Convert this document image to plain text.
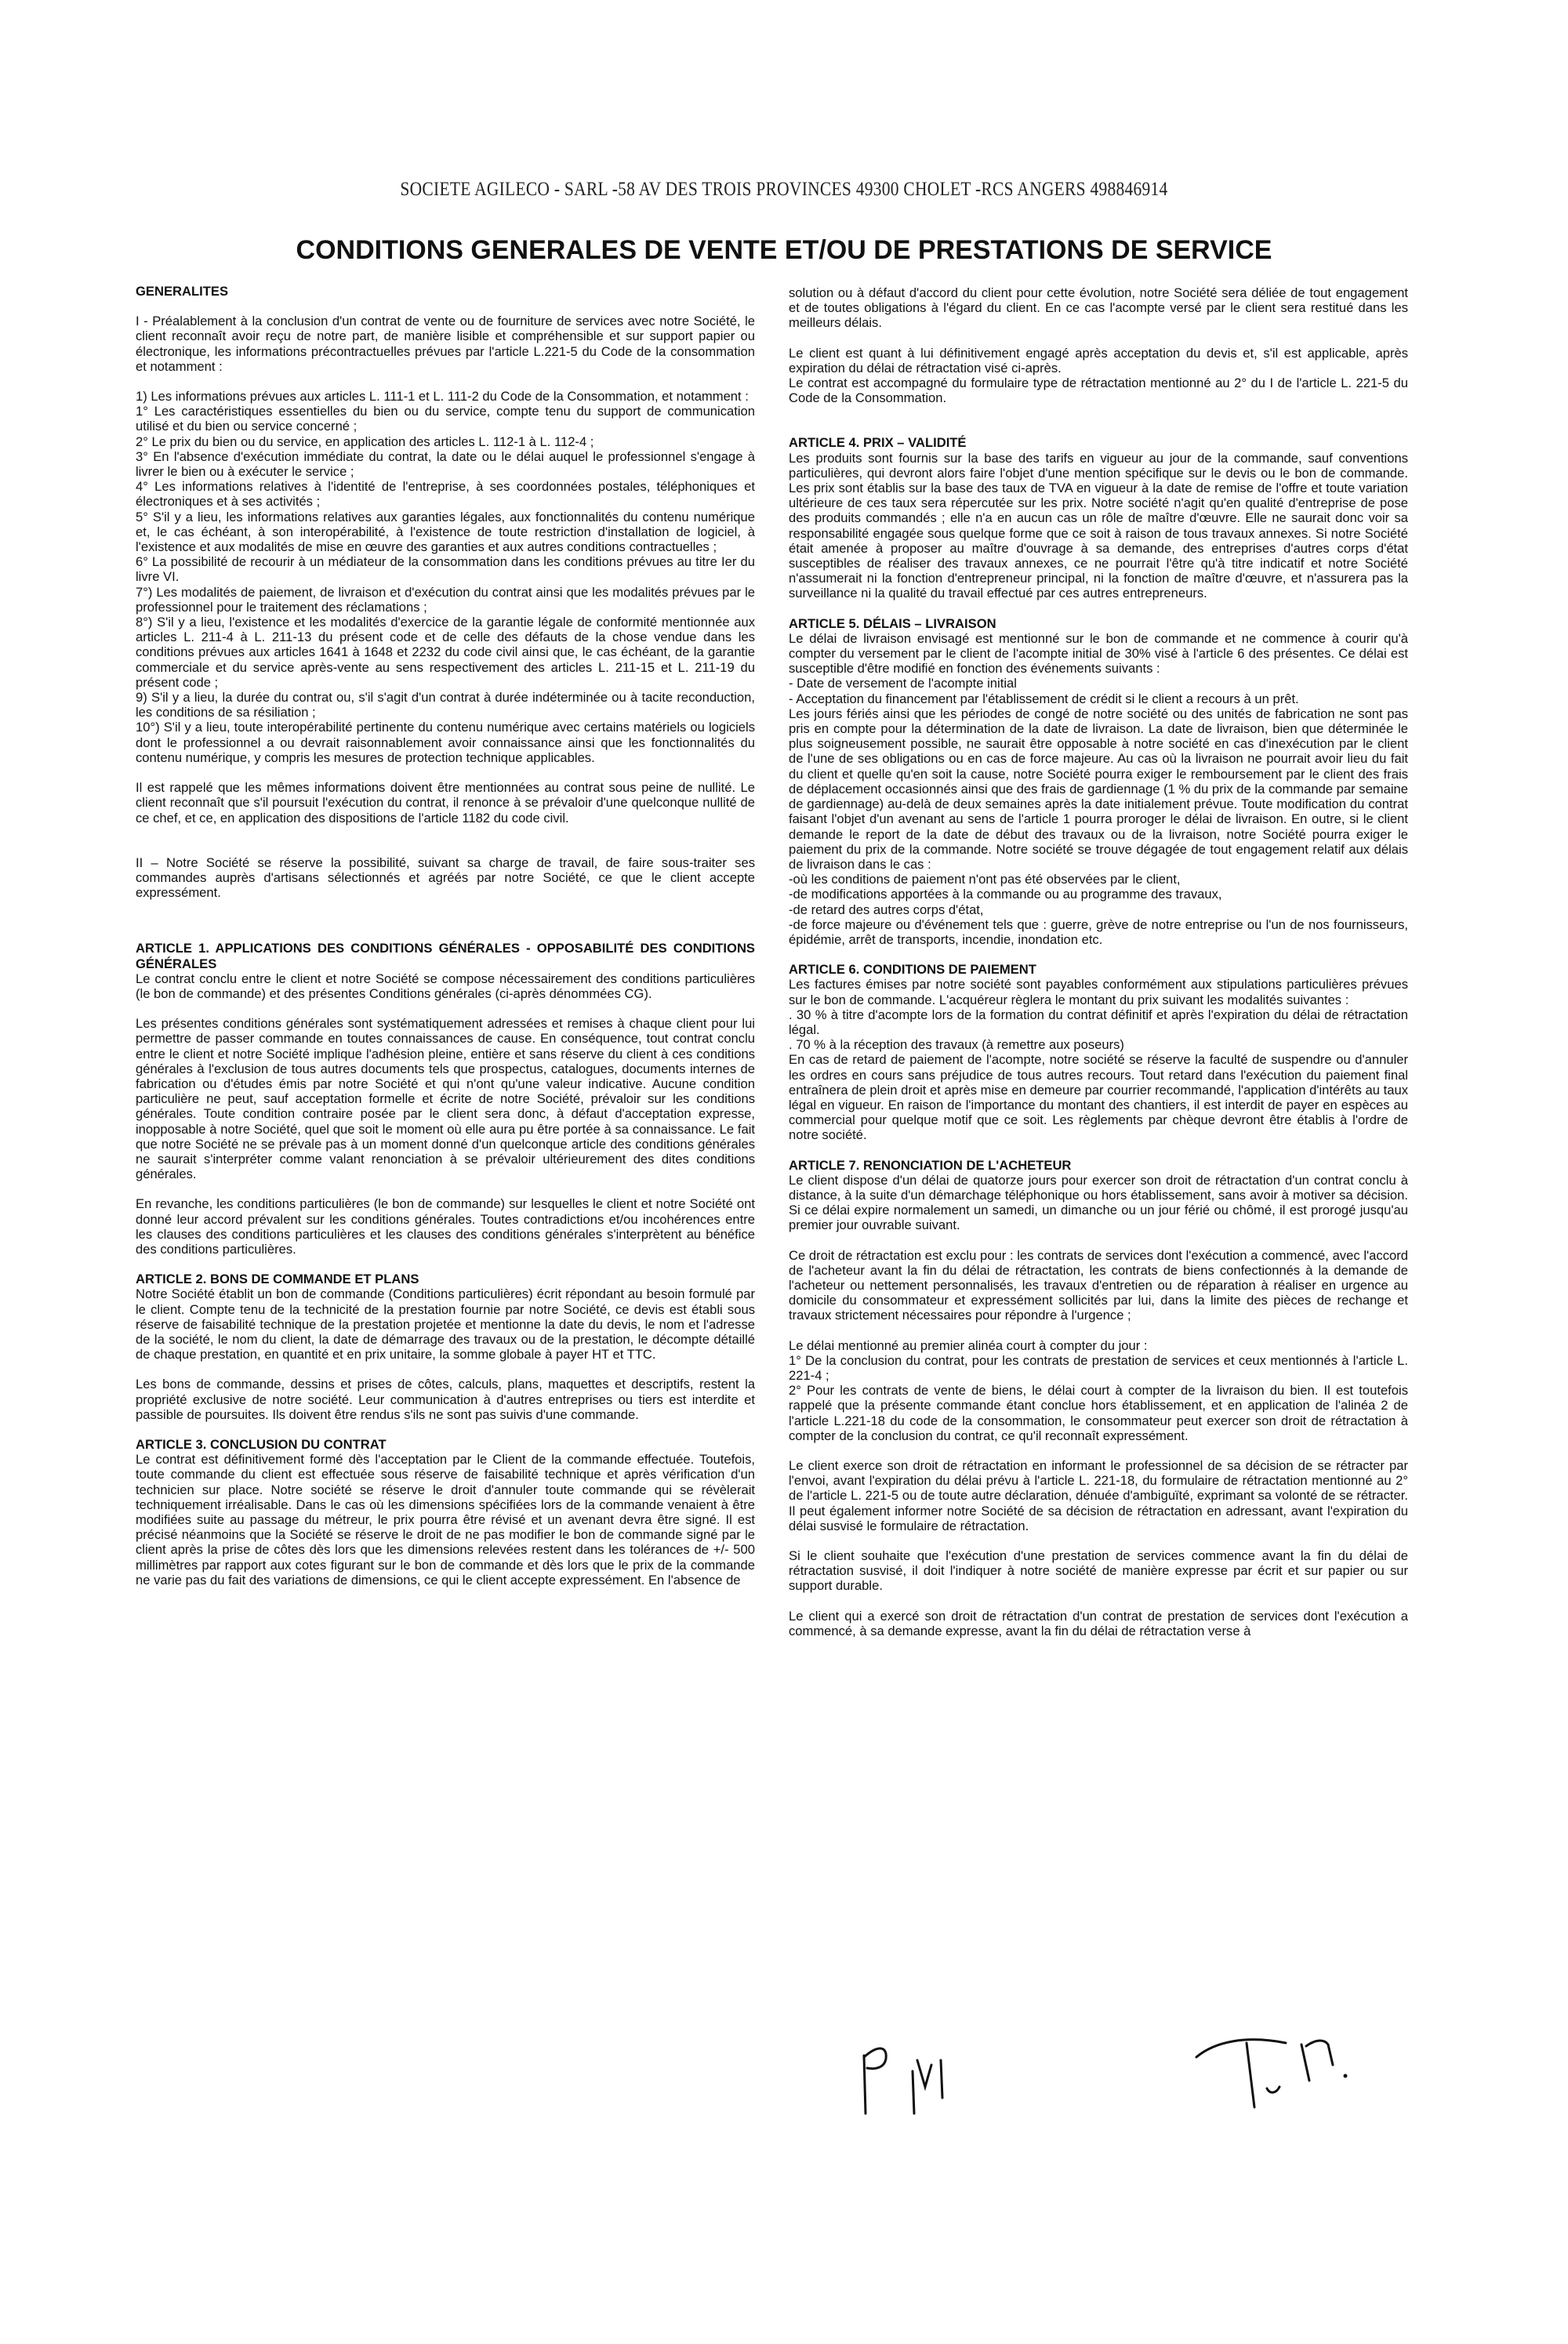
SOCIETE AGILECO - SARL -58 AV DES TROIS PROVINCES 49300 CHOLET -RCS ANGERS 498846914
CONDITIONS GENERALES DE VENTE ET/OU DE PRESTATIONS DE SERVICE

GENERALITES

I - Préalablement à la conclusion d'un contrat de vente ou de fourniture de services avec notre Société, le client reconnaît avoir reçu de notre part, de manière lisible et compréhensible et sur support papier ou électronique, les informations précontractuelles prévues par l'article L.221-5 du Code de la consommation et notamment :

1) Les informations prévues aux articles L. 111-1 et L. 111-2 du Code de la Consommation, et notamment :

1° Les caractéristiques essentielles du bien ou du service, compte tenu du support de communication utilisé et du bien ou service concerné ;

2° Le prix du bien ou du service, en application des articles L. 112-1 à L. 112-4 ;

3° En l'absence d'exécution immédiate du contrat, la date ou le délai auquel le professionnel s'engage à livrer le bien ou à exécuter le service ;

4° Les informations relatives à l'identité de l'entreprise, à ses coordonnées postales, téléphoniques et électroniques et à ses activités ;

5° S'il y a lieu, les informations relatives aux garanties légales, aux fonctionnalités du contenu numérique et, le cas échéant, à son interopérabilité, à l'existence de toute restriction d'installation de logiciel, à l'existence et aux modalités de mise en œuvre des garanties et aux autres conditions contractuelles ;

6° La possibilité de recourir à un médiateur de la consommation dans les conditions prévues au titre Ier du livre VI.

7°) Les modalités de paiement, de livraison et d'exécution du contrat ainsi que les modalités prévues par le professionnel pour le traitement des réclamations ;

8°) S'il y a lieu, l'existence et les modalités d'exercice de la garantie légale de conformité mentionnée aux articles L. 211-4 à L. 211-13 du présent code et de celle des défauts de la chose vendue dans les conditions prévues aux articles 1641 à 1648 et 2232 du code civil ainsi que, le cas échéant, de la garantie commerciale et du service après-vente au sens respectivement des articles L. 211-15 et L. 211-19 du présent code ;

9) S'il y a lieu, la durée du contrat ou, s'il s'agit d'un contrat à durée indéterminée ou à tacite reconduction, les conditions de sa résiliation ;

10°) S'il y a lieu, toute interopérabilité pertinente du contenu numérique avec certains matériels ou logiciels dont le professionnel a ou devrait raisonnablement avoir connaissance ainsi que les fonctionnalités du contenu numérique, y compris les mesures de protection technique applicables.

Il est rappelé que les mêmes informations doivent être mentionnées au contrat sous peine de nullité. Le client reconnaît que s'il poursuit l'exécution du contrat, il renonce à se prévaloir d'une quelconque nullité de ce chef, et ce, en application des dispositions de l'article 1182 du code civil.

II – Notre Société se réserve la possibilité, suivant sa charge de travail, de faire sous-traiter ses commandes auprès d'artisans sélectionnés et agréés par notre Société, ce que le client accepte expressément.

ARTICLE 1. APPLICATIONS DES CONDITIONS GÉNÉRALES - OPPOSABILITÉ DES CONDITIONS GÉNÉRALES

Le contrat conclu entre le client et notre Société se compose nécessairement des conditions particulières (le bon de commande) et des présentes Conditions générales (ci-après dénommées CG).

Les présentes conditions générales sont systématiquement adressées et remises à chaque client pour lui permettre de passer commande en toutes connaissances de cause. En conséquence, tout contrat conclu entre le client et notre Société implique l'adhésion pleine, entière et sans réserve du client à ces conditions générales à l'exclusion de tous autres documents tels que prospectus, catalogues, documents internes de fabrication ou d'études émis par notre Société et qui n'ont qu'une valeur indicative. Aucune condition particulière ne peut, sauf acceptation formelle et écrite de notre Société, prévaloir sur les conditions générales. Toute condition contraire posée par le client sera donc, à défaut d'acceptation expresse, inopposable à notre Société, quel que soit le moment où elle aura pu être portée à sa connaissance. Le fait que notre Société ne se prévale pas à un moment donné d'un quelconque article des conditions générales ne saurait s'interpréter comme valant renonciation à se prévaloir ultérieurement des dites conditions générales.

En revanche, les conditions particulières (le bon de commande) sur lesquelles le client et notre Société ont donné leur accord prévalent sur les conditions générales. Toutes contradictions et/ou incohérences entre les clauses des conditions particulières et les clauses des conditions générales s'interprètent au bénéfice des conditions particulières.

ARTICLE 2. BONS DE COMMANDE ET PLANS

Notre Société établit un bon de commande (Conditions particulières) écrit répondant au besoin formulé par le client. Compte tenu de la technicité de la prestation fournie par notre Société, ce devis est établi sous réserve de faisabilité technique de la prestation projetée et mentionne la date du devis, le nom et l'adresse de la société, le nom du client, la date de démarrage des travaux ou de la prestation, le décompte détaillé de chaque prestation, en quantité et en prix unitaire, la somme globale à payer HT et TTC.

Les bons de commande, dessins et prises de côtes, calculs, plans, maquettes et descriptifs, restent la propriété exclusive de notre société. Leur communication à d'autres entreprises ou tiers est interdite et passible de poursuites. Ils doivent être rendus s'ils ne sont pas suivis d'une commande.

ARTICLE 3. CONCLUSION DU CONTRAT

Le contrat est définitivement formé dès l'acceptation par le Client de la commande effectuée. Toutefois, toute commande du client est effectuée sous réserve de faisabilité technique et après vérification d'un technicien sur place. Notre société se réserve le droit d'annuler toute commande qui se révèlerait techniquement irréalisable. Dans le cas où les dimensions spécifiées lors de la commande venaient à être modifiées suite au passage du métreur, le prix pourra être révisé et un avenant devra être signé. Il est précisé néanmoins que la Société se réserve le droit de ne pas modifier le bon de commande signé par le client après la prise de côtes dès lors que les dimensions relevées restent dans les tolérances de +/- 500 millimètres par rapport aux cotes figurant sur le bon de commande et dès lors que le prix de la commande ne varie pas du fait des variations de dimensions, ce qui le client accepte expressément. En l'absence de

solution ou à défaut d'accord du client pour cette évolution, notre Société sera déliée de tout engagement et de toutes obligations à l'égard du client. En ce cas l'acompte versé par le client sera restitué dans les meilleurs délais.

Le client est quant à lui définitivement engagé après acceptation du devis et, s'il est applicable, après expiration du délai de rétractation visé ci-après.

Le contrat est accompagné du formulaire type de rétractation mentionné au 2° du I de l'article L. 221-5 du Code de la Consommation.

ARTICLE 4. PRIX – VALIDITÉ

Les produits sont fournis sur la base des tarifs en vigueur au jour de la commande, sauf conventions particulières, qui devront alors faire l'objet d'une mention spécifique sur le devis ou le bon de commande. Les prix sont établis sur la base des taux de TVA en vigueur à la date de remise de l'offre et toute variation ultérieure de ces taux sera répercutée sur les prix. Notre société n'agit qu'en qualité d'entreprise de pose des produits commandés ; elle n'a en aucun cas un rôle de maître d'œuvre. Elle ne saurait donc voir sa responsabilité engagée sous quelque forme que ce soit à raison de tous travaux annexes. Si notre Société était amenée à proposer au maître d'ouvrage à sa demande, des entreprises d'autres corps d'état susceptibles de réaliser des travaux annexes, ce ne pourrait l'être qu'à titre indicatif et notre Société n'assumerait ni la fonction d'entrepreneur principal, ni la fonction de maître d'œuvre, et n'assurera pas la surveillance ni la qualité du travail effectué par ces autres entrepreneurs.

ARTICLE 5. DÉLAIS – LIVRAISON

Le délai de livraison envisagé est mentionné sur le bon de commande et ne commence à courir qu'à compter du versement par le client de l'acompte initial de 30% visé à l'article 6 des présentes. Ce délai est susceptible d'être modifié en fonction des événements suivants :

- Date de versement de l'acompte initial

- Acceptation du financement par l'établissement de crédit si le client a recours à un prêt.

Les jours fériés ainsi que les périodes de congé de notre société ou des unités de fabrication ne sont pas pris en compte pour la détermination de la date de livraison. La date de livraison, bien que déterminée le plus soigneusement possible, ne saurait être opposable à notre société en cas d'inexécution par le client de l'une de ses obligations ou en cas de force majeure. Au cas où la livraison ne pourrait avoir lieu du fait du client et quelle qu'en soit la cause, notre Société pourra exiger le remboursement par le client des frais de déplacement occasionnés ainsi que des frais de gardiennage (1 % du prix de la commande par semaine de gardiennage) au-delà de deux semaines après la date initialement prévue. Toute modification du contrat faisant l'objet d'un avenant au sens de l'article 1 pourra proroger le délai de livraison. En outre, si le client demande le report de la date de début des travaux ou de la livraison, notre Société pourra exiger le paiement du prix de la commande. Notre société se trouve dégagée de tout engagement relatif aux délais de livraison dans le cas :

-où les conditions de paiement n'ont pas été observées par le client,

-de modifications apportées à la commande ou au programme des travaux,

-de retard des autres corps d'état,

-de force majeure ou d'événement tels que : guerre, grève de notre entreprise ou l'un de nos fournisseurs, épidémie, arrêt de transports, incendie, inondation etc.

ARTICLE 6. CONDITIONS DE PAIEMENT

Les factures émises par notre société sont payables conformément aux stipulations particulières prévues sur le bon de commande. L'acquéreur règlera le montant du prix suivant les modalités suivantes :

. 30 % à titre d'acompte lors de la formation du contrat définitif et après l'expiration du délai de rétractation légal.

. 70 % à la réception des travaux (à remettre aux poseurs)

En cas de retard de paiement de l'acompte, notre société se réserve la faculté de suspendre ou d'annuler les ordres en cours sans préjudice de tous autres recours. Tout retard dans l'exécution du paiement final entraînera de plein droit et après mise en demeure par courrier recommandé, l'application d'intérêts au taux légal en vigueur. En raison de l'importance du montant des chantiers, il est interdit de payer en espèces au commercial pour quelque motif que ce soit. Les règlements par chèque devront être établis à l'ordre de notre société.

ARTICLE 7. RENONCIATION DE L'ACHETEUR

Le client dispose d'un délai de quatorze jours pour exercer son droit de rétractation d'un contrat conclu à distance, à la suite d'un démarchage téléphonique ou hors établissement, sans avoir à motiver sa décision. Si ce délai expire normalement un samedi, un dimanche ou un jour férié ou chômé, il est prorogé jusqu'au premier jour ouvrable suivant.

Ce droit de rétractation est exclu pour : les contrats de services dont l'exécution a commencé, avec l'accord de l'acheteur avant la fin du délai de rétractation, les contrats de biens confectionnés à la demande de l'acheteur ou nettement personnalisés, les travaux d'entretien ou de réparation à réaliser en urgence au domicile du consommateur et expressément sollicités par lui, dans la limite des pièces de rechange et travaux strictement nécessaires pour répondre à l'urgence ;

Le délai mentionné au premier alinéa court à compter du jour :

1° De la conclusion du contrat, pour les contrats de prestation de services et ceux mentionnés à l'article L. 221-4 ;

2° Pour les contrats de vente de biens, le délai court à compter de la livraison du bien. Il est toutefois rappelé que la présente commande étant conclue hors établissement, et en application de l'alinéa 2 de l'article L.221-18 du code de la consommation, le consommateur peut exercer son droit de rétractation à compter de la conclusion du contrat, ce qu'il reconnaît expressément.

Le client exerce son droit de rétractation en informant le professionnel de sa décision de se rétracter par l'envoi, avant l'expiration du délai prévu à l'article L. 221-18, du formulaire de rétractation mentionné au 2° de l'article L. 221-5 ou de toute autre déclaration, dénuée d'ambiguïté, exprimant sa volonté de se rétracter. Il peut également informer notre Société de sa décision de rétractation en adressant, avant l'expiration du délai susvisé le formulaire de rétractation.

Si le client souhaite que l'exécution d'une prestation de services commence avant la fin du délai de rétractation susvisé, il doit l'indiquer à notre société de manière expresse par écrit et sur papier ou sur support durable.

Le client qui a exercé son droit de rétractation d'un contrat de prestation de services dont l'exécution a commencé, à sa demande expresse, avant la fin du délai de rétractation verse à
